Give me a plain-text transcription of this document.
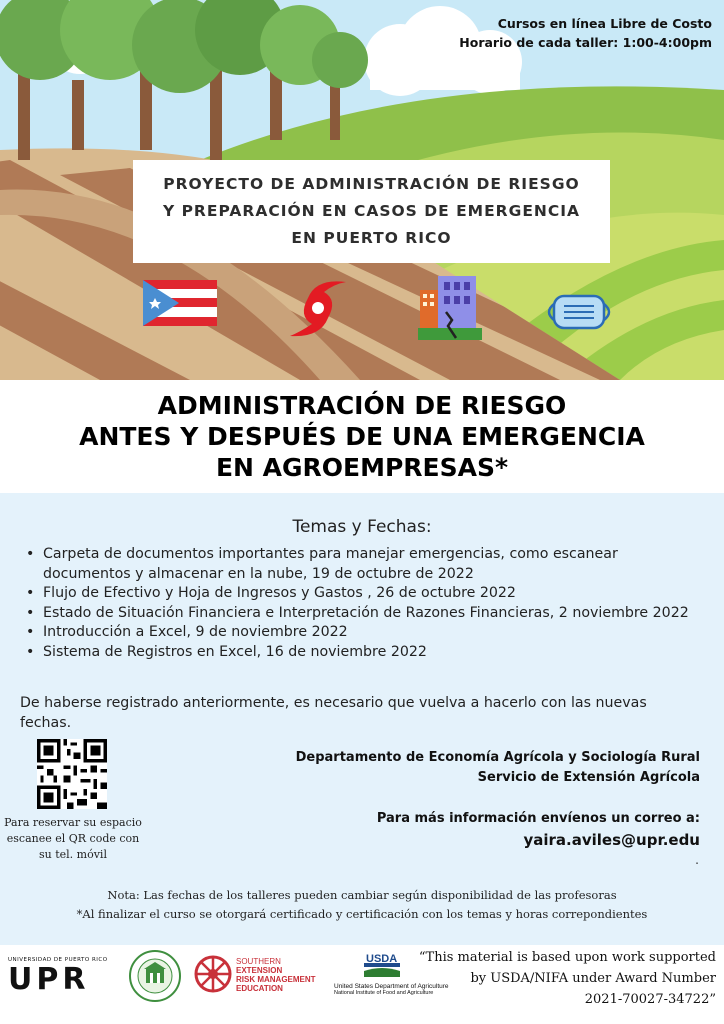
Cursos en línea Libre de Costo
Horario de cada taller: 1:00-4:00pm
PROYECTO DE ADMINISTRACIÓN DE RIESGO Y PREPARACIÓN EN CASOS DE EMERGENCIA EN PUERTO RICO
ADMINISTRACIÓN DE RIESGO
ANTES Y DESPUÉS DE UNA EMERGENCIA
EN AGROEMPRESAS*
Temas y Fechas:
• Carpeta de documentos importantes para manejar emergencias, como escanear documentos y almacenar en la nube, 19 de octubre de 2022
• Flujo de Efectivo y Hoja de Ingresos y Gastos , 26 de octubre 2022
• Estado de Situación Financiera e Interpretación de Razones Financieras, 2 noviembre 2022
• Introducción a Excel, 9 de noviembre 2022
• Sistema de Registros en Excel, 16 de noviembre 2022
De haberse registrado anteriormente, es necesario que vuelva a hacerlo con las nuevas fechas.
Para reservar su espacio escanee el QR code con su tel. móvil
Departamento de Economía Agrícola y Sociología Rural
Servicio de Extensión Agrícola
Para más información envíenos un correo a:
yaira.aviles@upr.edu
.
Nota: Las fechas de los talleres pueden cambiar según disponibilidad de las profesoras
*Al finalizar el curso se otorgará certificado y certificación con los temas y horas correpondientes
UNIVERSIDAD DE PUERTO RICO
UPR
SOUTHERN
EXTENSION
RISK MANAGEMENT
EDUCATION
USDA
United States Department of Agriculture
National Institute of Food and Agriculture
“This material is based upon work supported
by USDA/NIFA under Award Number
2021-70027-34722”
